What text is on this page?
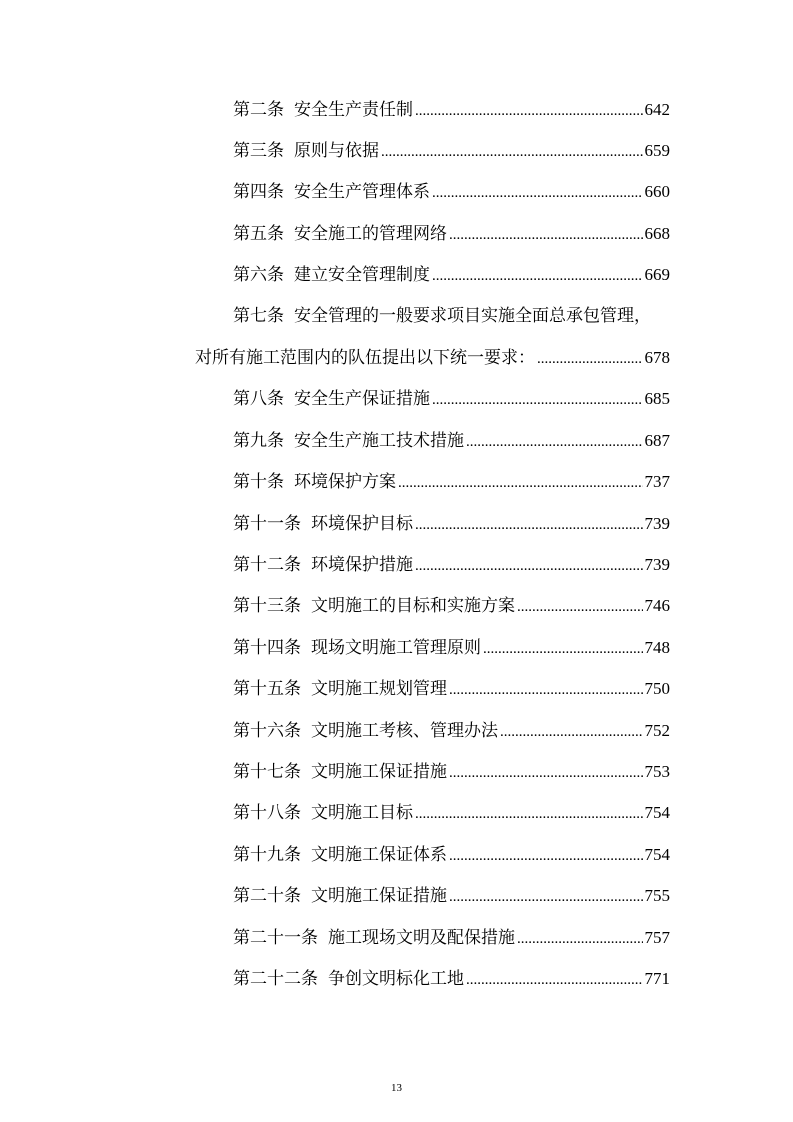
第二条 安全生产责任制 .....	642
第三条 原则与依据 .....	659
第四条 安全生产管理体系 .....	660
第五条 安全施工的管理网络 .....	668
第六条 建立安全管理制度 .....	669
第七条 安全管理的一般要求项目实施全面总承包管理，
对所有施工范围内的队伍提出以下统一要求： .....	678
第八条 安全生产保证措施 .....	685
第九条 安全生产施工技术措施 .....	687
第十条 环境保护方案 .....	737
第十一条 环境保护目标 .....	739
第十二条 环境保护措施 .....	739
第十三条 文明施工的目标和实施方案 .....	746
第十四条 现场文明施工管理原则 .....	748
第十五条 文明施工规划管理 .....	750
第十六条 文明施工考核、管理办法 .....	752
第十七条 文明施工保证措施 .....	753
第十八条 文明施工目标 .....	754
第十九条 文明施工保证体系 .....	754
第二十条 文明施工保证措施 .....	755
第二十一条 施工现场文明及配保措施 .....	757
第二十二条 争创文明标化工地 .....	771
13
